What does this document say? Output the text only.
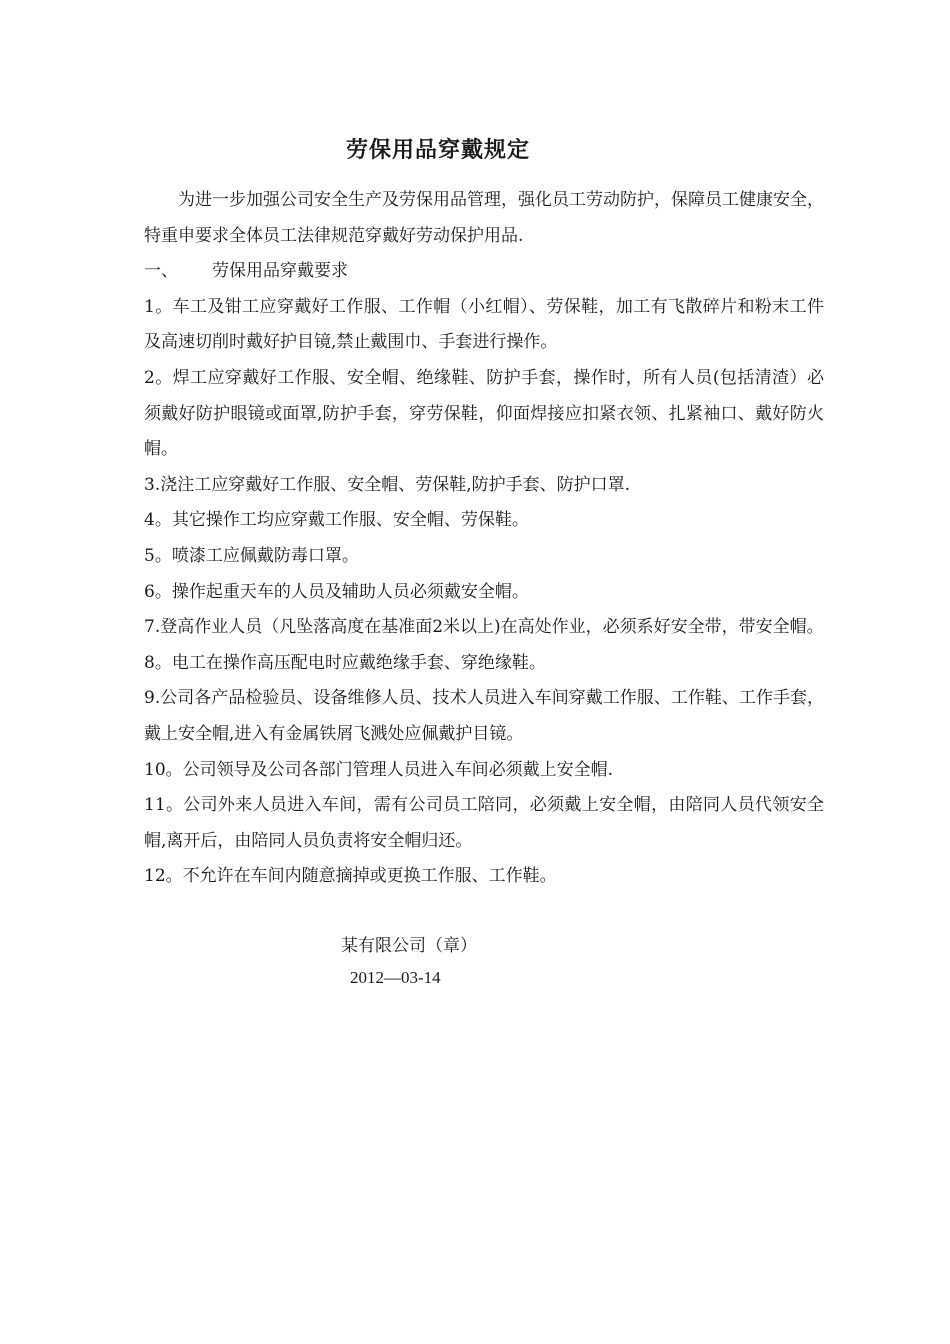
劳保用品穿戴规定

为进一步加强公司安全生产及劳保用品管理，强化员工劳动防护，保障员工健康安全，特重申要求全体员工法律规范穿戴好劳动保护用品.

一、	劳保用品穿戴要求

1。车工及钳工应穿戴好工作服、工作帽（小红帽）、劳保鞋，加工有飞散碎片和粉末工件及高速切削时戴好护目镜,禁止戴围巾、手套进行操作。

2。焊工应穿戴好工作服、安全帽、绝缘鞋、防护手套，操作时，所有人员(包括清渣）必须戴好防护眼镜或面罩,防护手套，穿劳保鞋，仰面焊接应扣紧衣领、扎紧袖口、戴好防火帽。

3.浇注工应穿戴好工作服、安全帽、劳保鞋,防护手套、防护口罩.

4。其它操作工均应穿戴工作服、安全帽、劳保鞋。

5。喷漆工应佩戴防毒口罩。

6。操作起重天车的人员及辅助人员必须戴安全帽。

7.登高作业人员（凡坠落高度在基准面2米以上)在高处作业，必须系好安全带，带安全帽。

8。电工在操作高压配电时应戴绝缘手套、穿绝缘鞋。

9.公司各产品检验员、设备维修人员、技术人员进入车间穿戴工作服、工作鞋、工作手套，戴上安全帽,进入有金属铁屑飞溅处应佩戴护目镜。

10。公司领导及公司各部门管理人员进入车间必须戴上安全帽.

11。公司外来人员进入车间，需有公司员工陪同，必须戴上安全帽，由陪同人员代领安全帽,离开后，由陪同人员负责将安全帽归还。

12。不允许在车间内随意摘掉或更换工作服、工作鞋。

某有限公司（章）
2012—03-14
